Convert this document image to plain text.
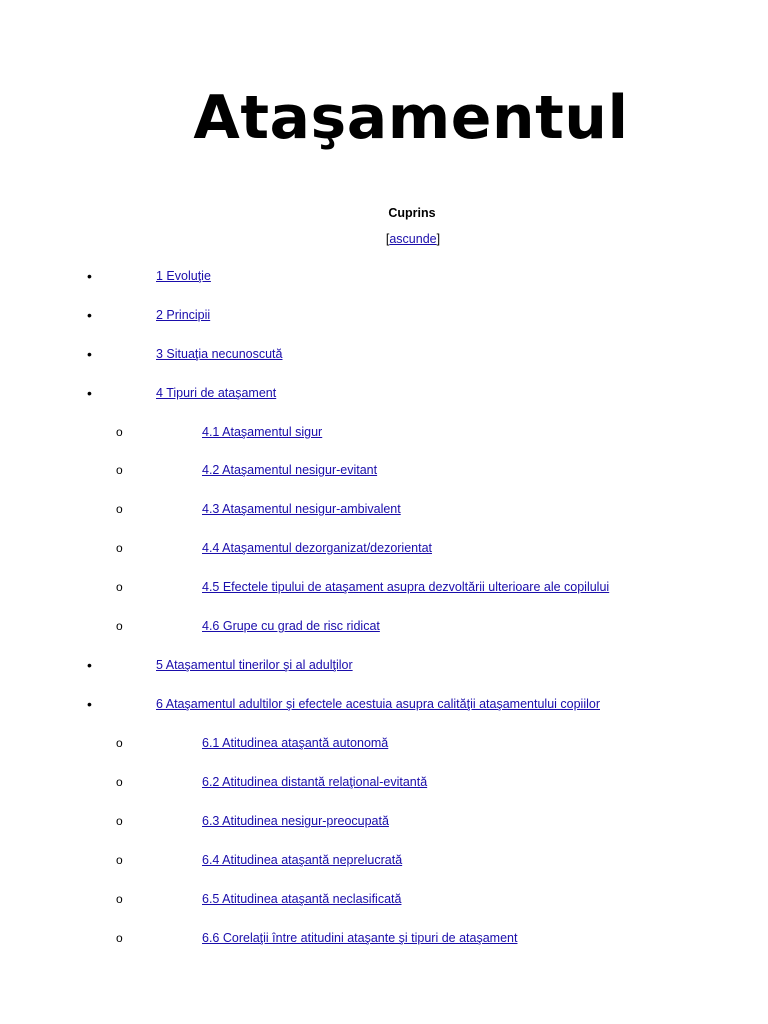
Ataşamentul
Cuprins
[ascunde]
•	1 Evoluţie
•	2 Principii
•	3 Situaţia necunoscută
•	4 Tipuri de ataşament
o	4.1 Ataşamentul sigur
o	4.2 Ataşamentul nesigur-evitant
o	4.3 Ataşamentul nesigur-ambivalent
o	4.4 Ataşamentul dezorganizat/dezorientat
o	4.5 Efectele tipului de ataşament asupra dezvoltării ulterioare ale copilului
o	4.6 Grupe cu grad de risc ridicat
•	5 Ataşamentul tinerilor şi al adulţilor
•	6 Ataşamentul adultilor şi efectele acestuia asupra calităţii ataşamentului copiilor
o	6.1 Atitudinea ataşantă autonomă
o	6.2 Atitudinea distantă relaţional-evitantă
o	6.3 Atitudinea nesigur-preocupată
o	6.4 Atitudinea ataşantă neprelucrată
o	6.5 Atitudinea ataşantă neclasificată
o	6.6 Corelaţii între atitudini ataşante şi tipuri de ataşament
